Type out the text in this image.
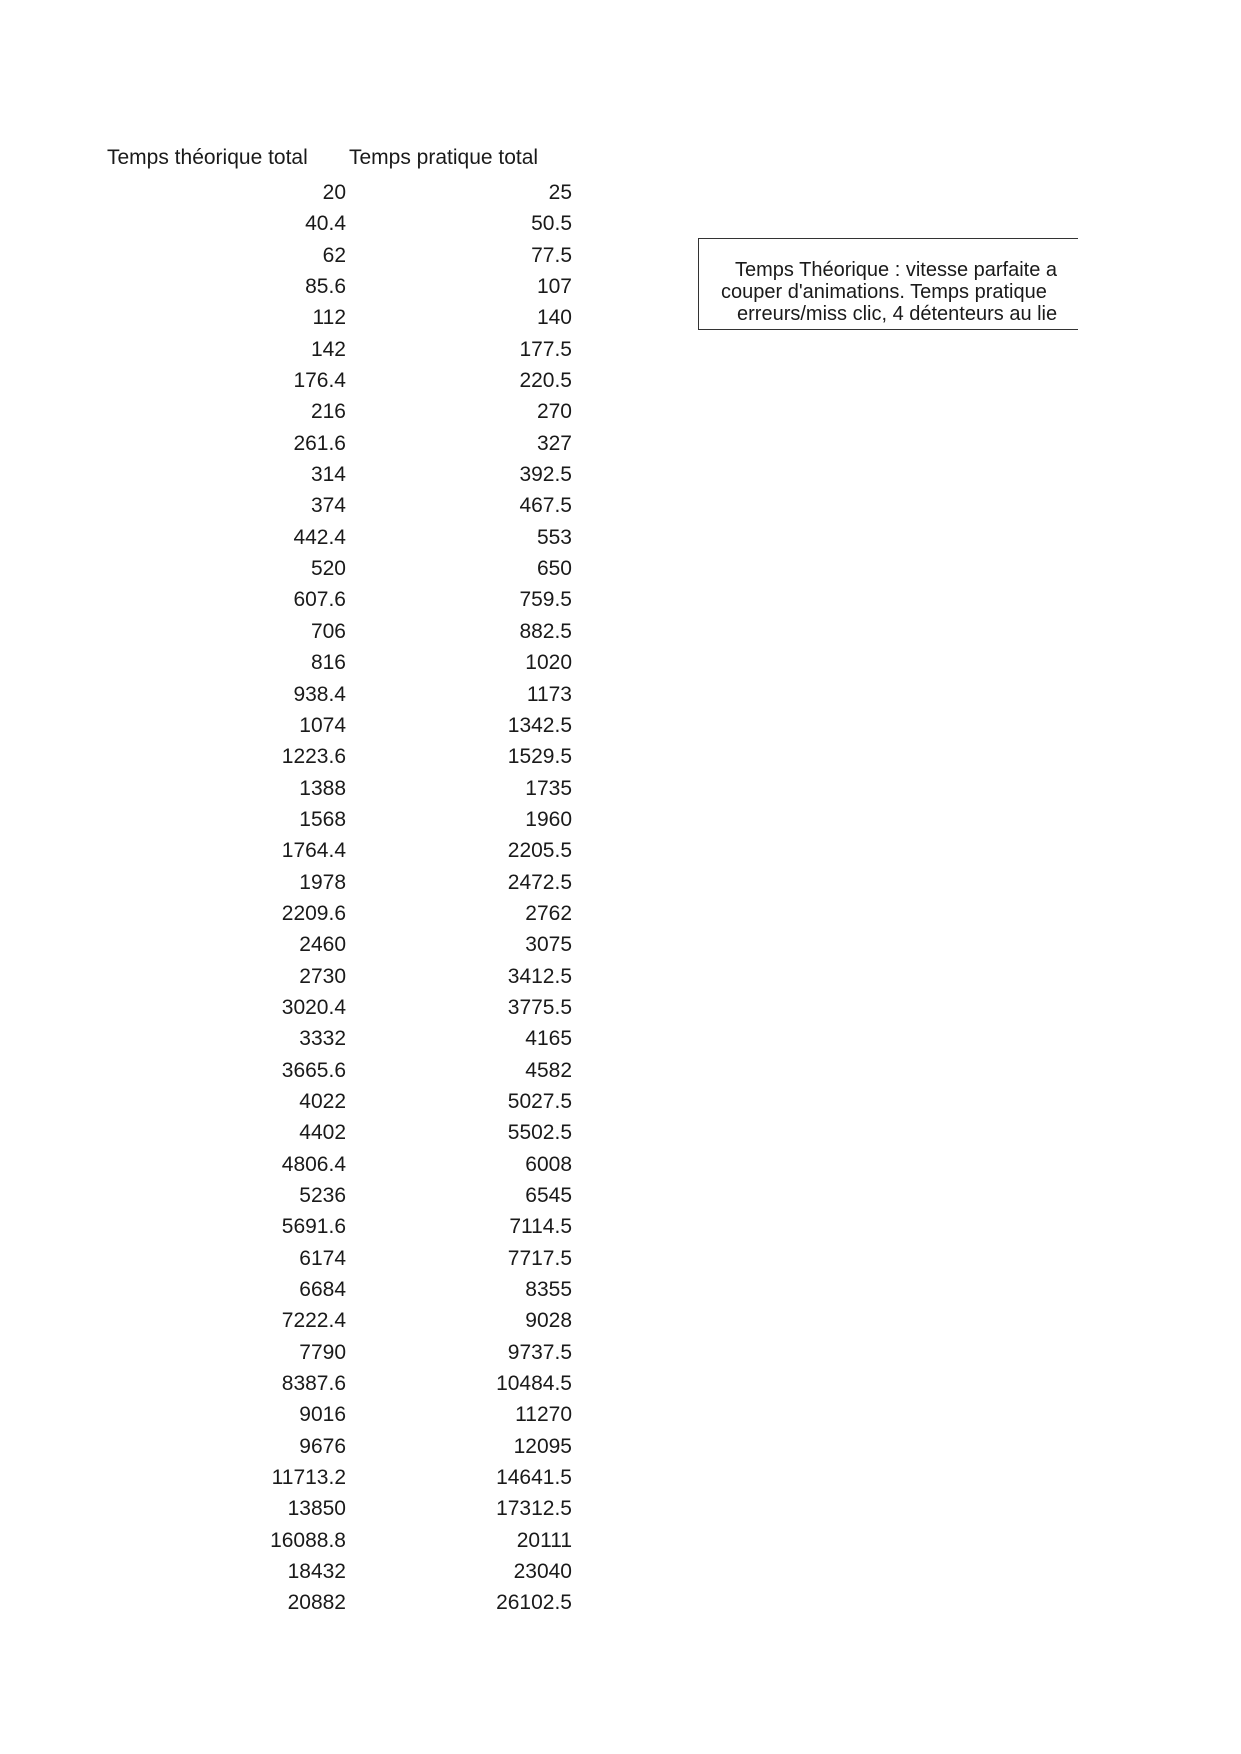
Temps théorique total Temps pratique total
20	25
40.4	50.5
62	77.5
85.6	107
112	140
142	177.5
176.4	220.5
216	270
261.6	327
314	392.5
374	467.5
442.4	553
520	650
607.6	759.5
706	882.5
816	1020
938.4	1173
1074	1342.5
1223.6	1529.5
1388	1735
1568	1960
1764.4	2205.5
1978	2472.5
2209.6	2762
2460	3075
2730	3412.5
3020.4	3775.5
3332	4165
3665.6	4582
4022	5027.5
4402	5502.5
4806.4	6008
5236	6545
5691.6	7114.5
6174	7717.5
6684	8355
7222.4	9028
7790	9737.5
8387.6	10484.5
9016	11270
9676	12095
11713.2	14641.5
13850	17312.5
16088.8	20111
18432	23040
20882	26102.5
Temps Théorique : vitesse parfaite a
couper d'animations. Temps pratique
erreurs/miss clic, 4 détenteurs au lie
